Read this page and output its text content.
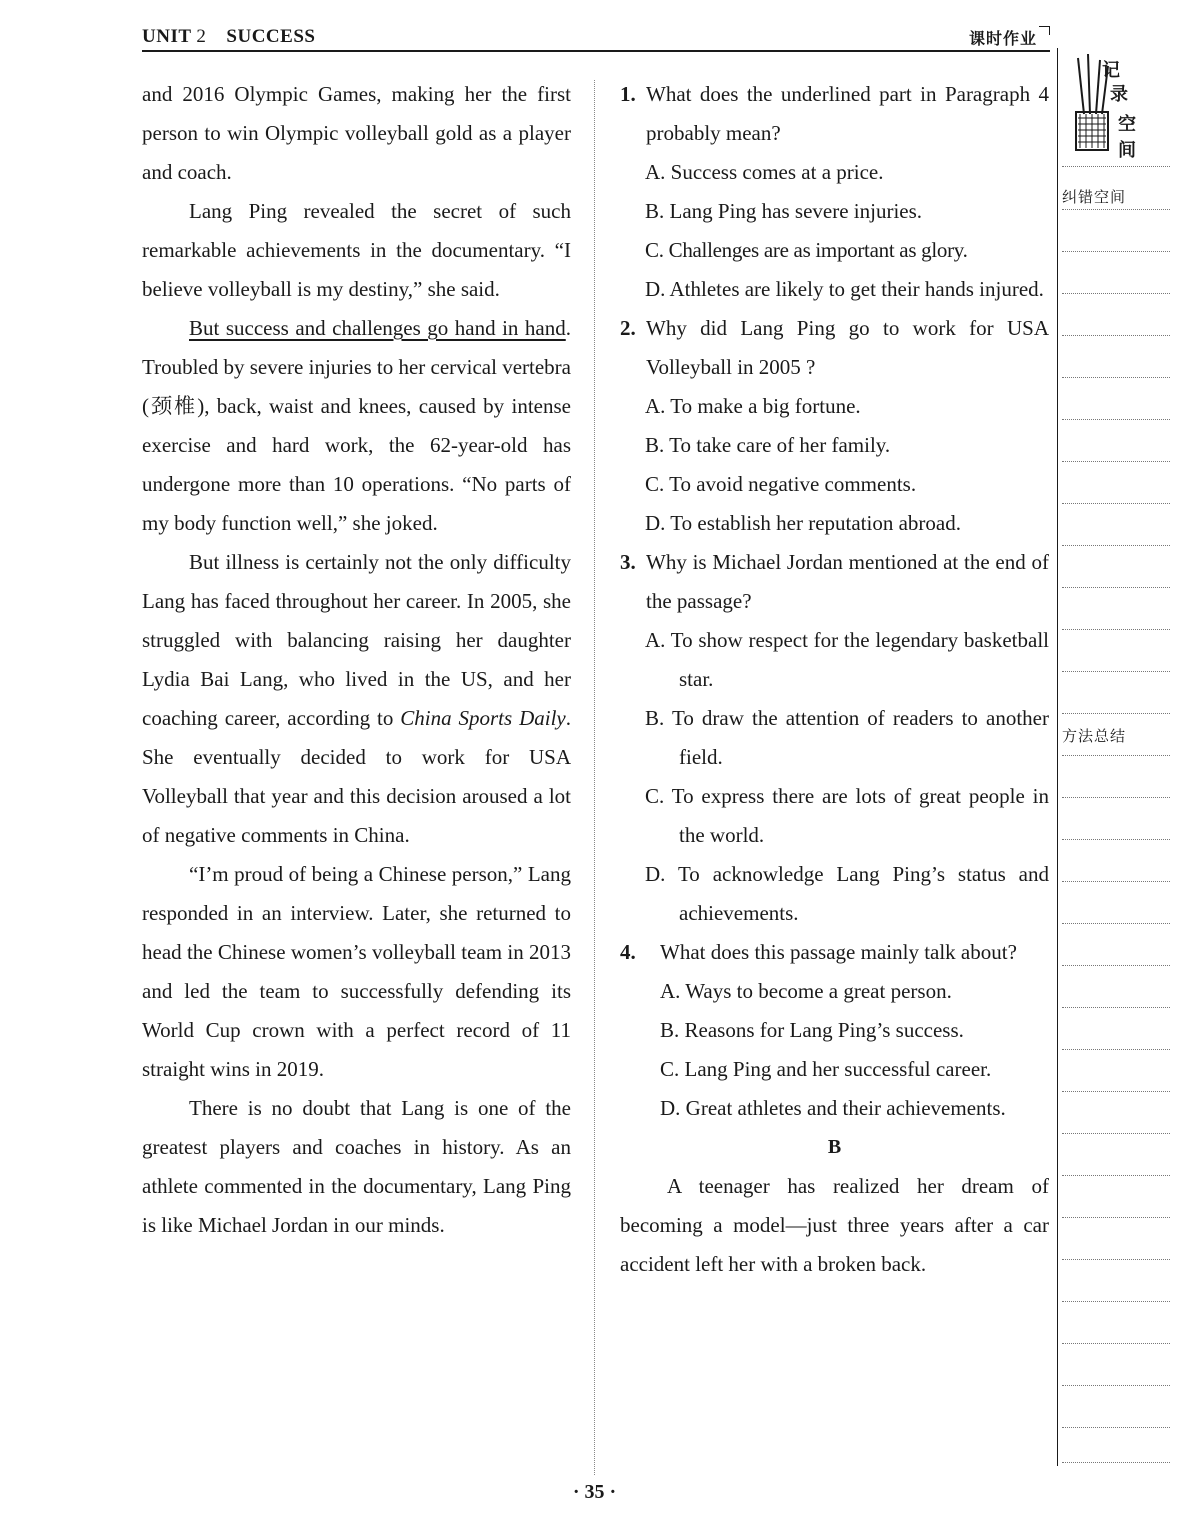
UNIT 2 SUCCESS	课时作业

and 2016 Olympic Games, making her the first person to win Olympic volleyball gold as a player and coach.

Lang Ping revealed the secret of such remarkable achievements in the documentary. “I believe volleyball is my destiny,” she said.

But success and challenges go hand in hand. Troubled by severe injuries to her cervical vertebra (颈椎), back, waist and knees, caused by intense exercise and hard work, the 62-year-old has undergone more than 10 operations. “No parts of my body function well,” she joked.

But illness is certainly not the only difficulty Lang has faced throughout her career. In 2005, she struggled with balancing raising her daughter Lydia Bai Lang, who lived in the US, and her coaching career, according to China Sports Daily. She eventually decided to work for USA Volleyball that year and this decision aroused a lot of negative comments in China.

“I’m proud of being a Chinese person,” Lang responded in an interview. Later, she returned to head the Chinese women’s volleyball team in 2013 and led the team to successfully defending its World Cup crown with a perfect record of 11 straight wins in 2019.

There is no doubt that Lang is one of the greatest players and coaches in history. As an athlete commented in the documentary, Lang Ping is like Michael Jordan in our minds.

1. What does the underlined part in Paragraph 4 probably mean?

A. Success comes at a price.

B. Lang Ping has severe injuries.

C. Challenges are as important as glory.

D. Athletes are likely to get their hands injured.

2. Why did Lang Ping go to work for USA Volleyball in 2005 ?

A. To make a big fortune.

B. To take care of her family.

C. To avoid negative comments.

D. To establish her reputation abroad.

3. Why is Michael Jordan mentioned at the end of the passage?

A. To show respect for the legendary basketball star.

B. To draw the attention of readers to another field.

C. To express there are lots of great people in the world.

D. To acknowledge Lang Ping’s status and achievements.

4. What does this passage mainly talk about?

A. Ways to become a great person.

B. Reasons for Lang Ping’s success.

C. Lang Ping and her successful career.

D. Great athletes and their achievements.

B

A teenager has realized her dream of becoming a model—just three years after a car accident left her with a broken back.

记
录
空
间
纠错空间
方法总结
· 35 ·
